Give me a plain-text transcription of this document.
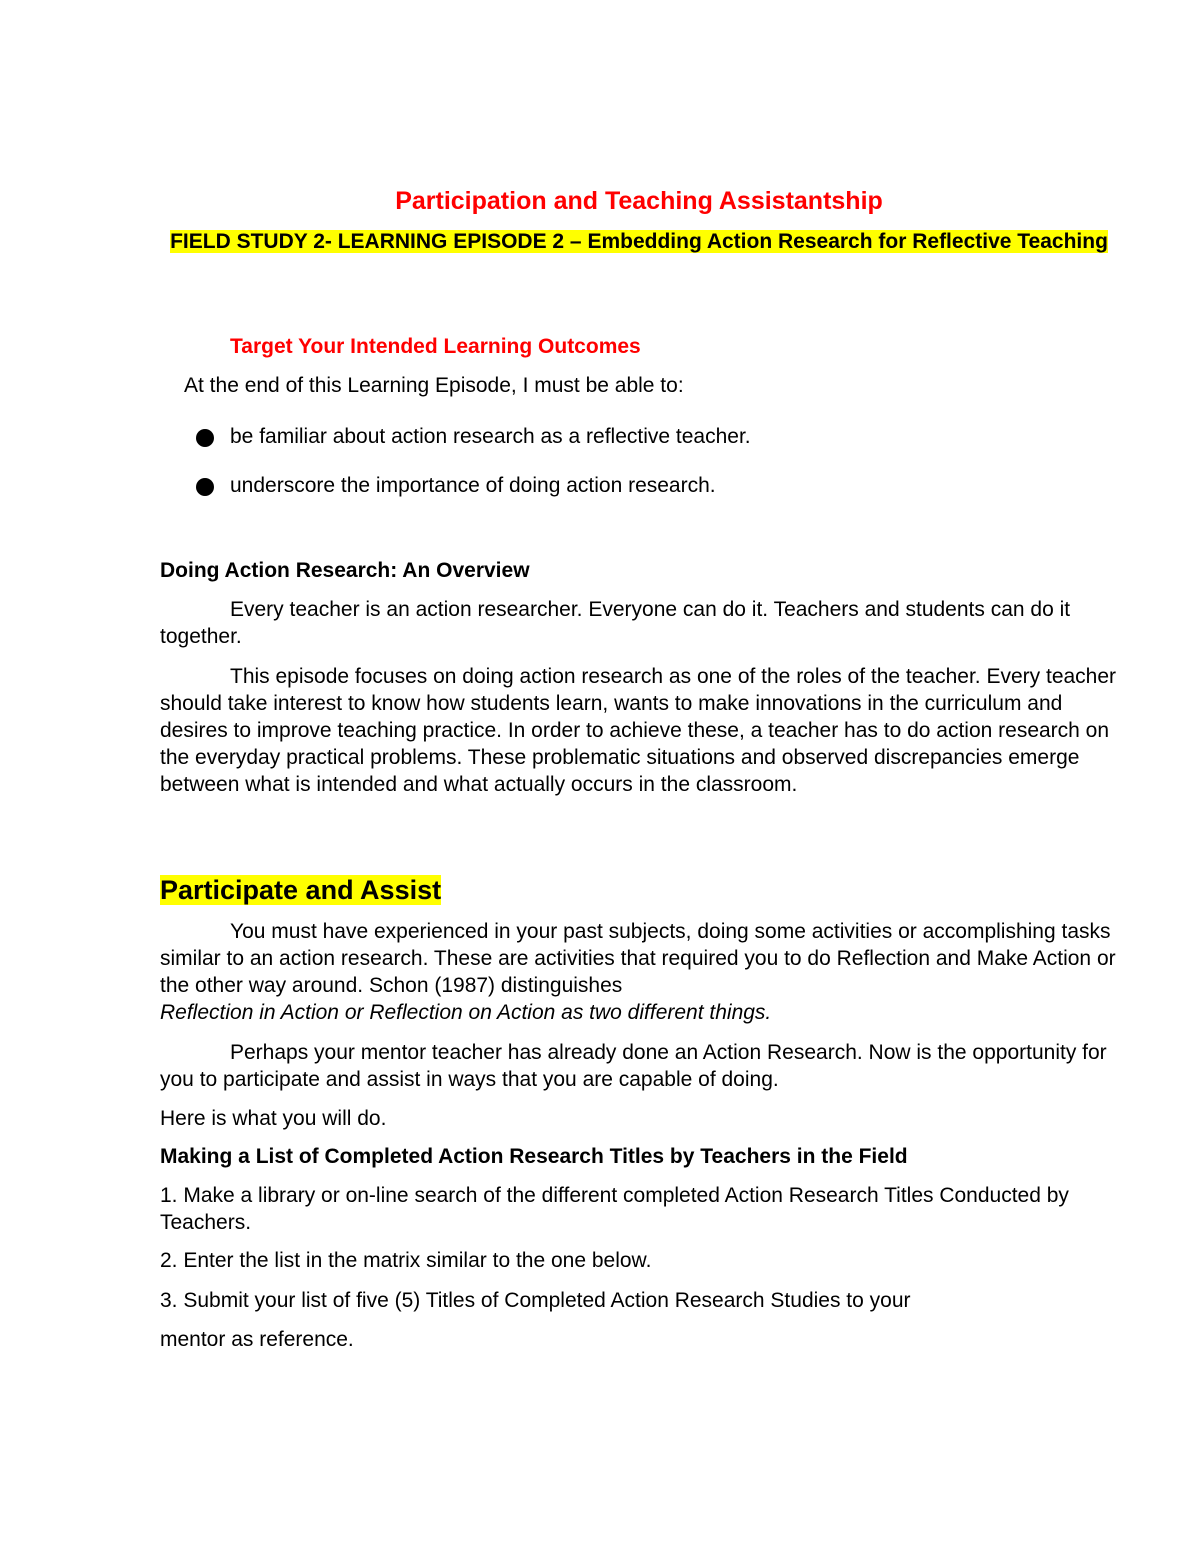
Participation and Teaching Assistantship
FIELD STUDY 2- LEARNING EPISODE 2 – Embedding Action Research for Reflective Teaching
Target Your Intended Learning Outcomes
At the end of this Learning Episode, I must be able to:
be familiar about action research as a reflective teacher.
underscore the importance of doing action research.
Doing Action Research: An Overview

Every teacher is an action researcher. Everyone can do it. Teachers and students can do it together.

This episode focuses on doing action research as one of the roles of the teacher. Every teacher should take interest to know how students learn, wants to make innovations in the curriculum and desires to improve teaching practice. In order to achieve these, a teacher has to do action research on the everyday practical problems. These problematic situations and observed discrepancies emerge between what is intended and what actually occurs in the classroom.

Participate and Assist

You must have experienced in your past subjects, doing some activities or accomplishing tasks similar to an action research. These are activities that required you to do Reflection and Make Action or the other way around. Schon (1987) distinguishes
Reflection in Action or Reflection on Action as two different things.

Perhaps your mentor teacher has already done an Action Research. Now is the opportunity for you to participate and assist in ways that you are capable of doing.

Here is what you will do.

Making a List of Completed Action Research Titles by Teachers in the Field

1. Make a library or on-line search of the different completed Action Research Titles Conducted by Teachers.

2. Enter the list in the matrix similar to the one below.

3. Submit your list of five (5) Titles of Completed Action Research Studies to your

mentor as reference.
